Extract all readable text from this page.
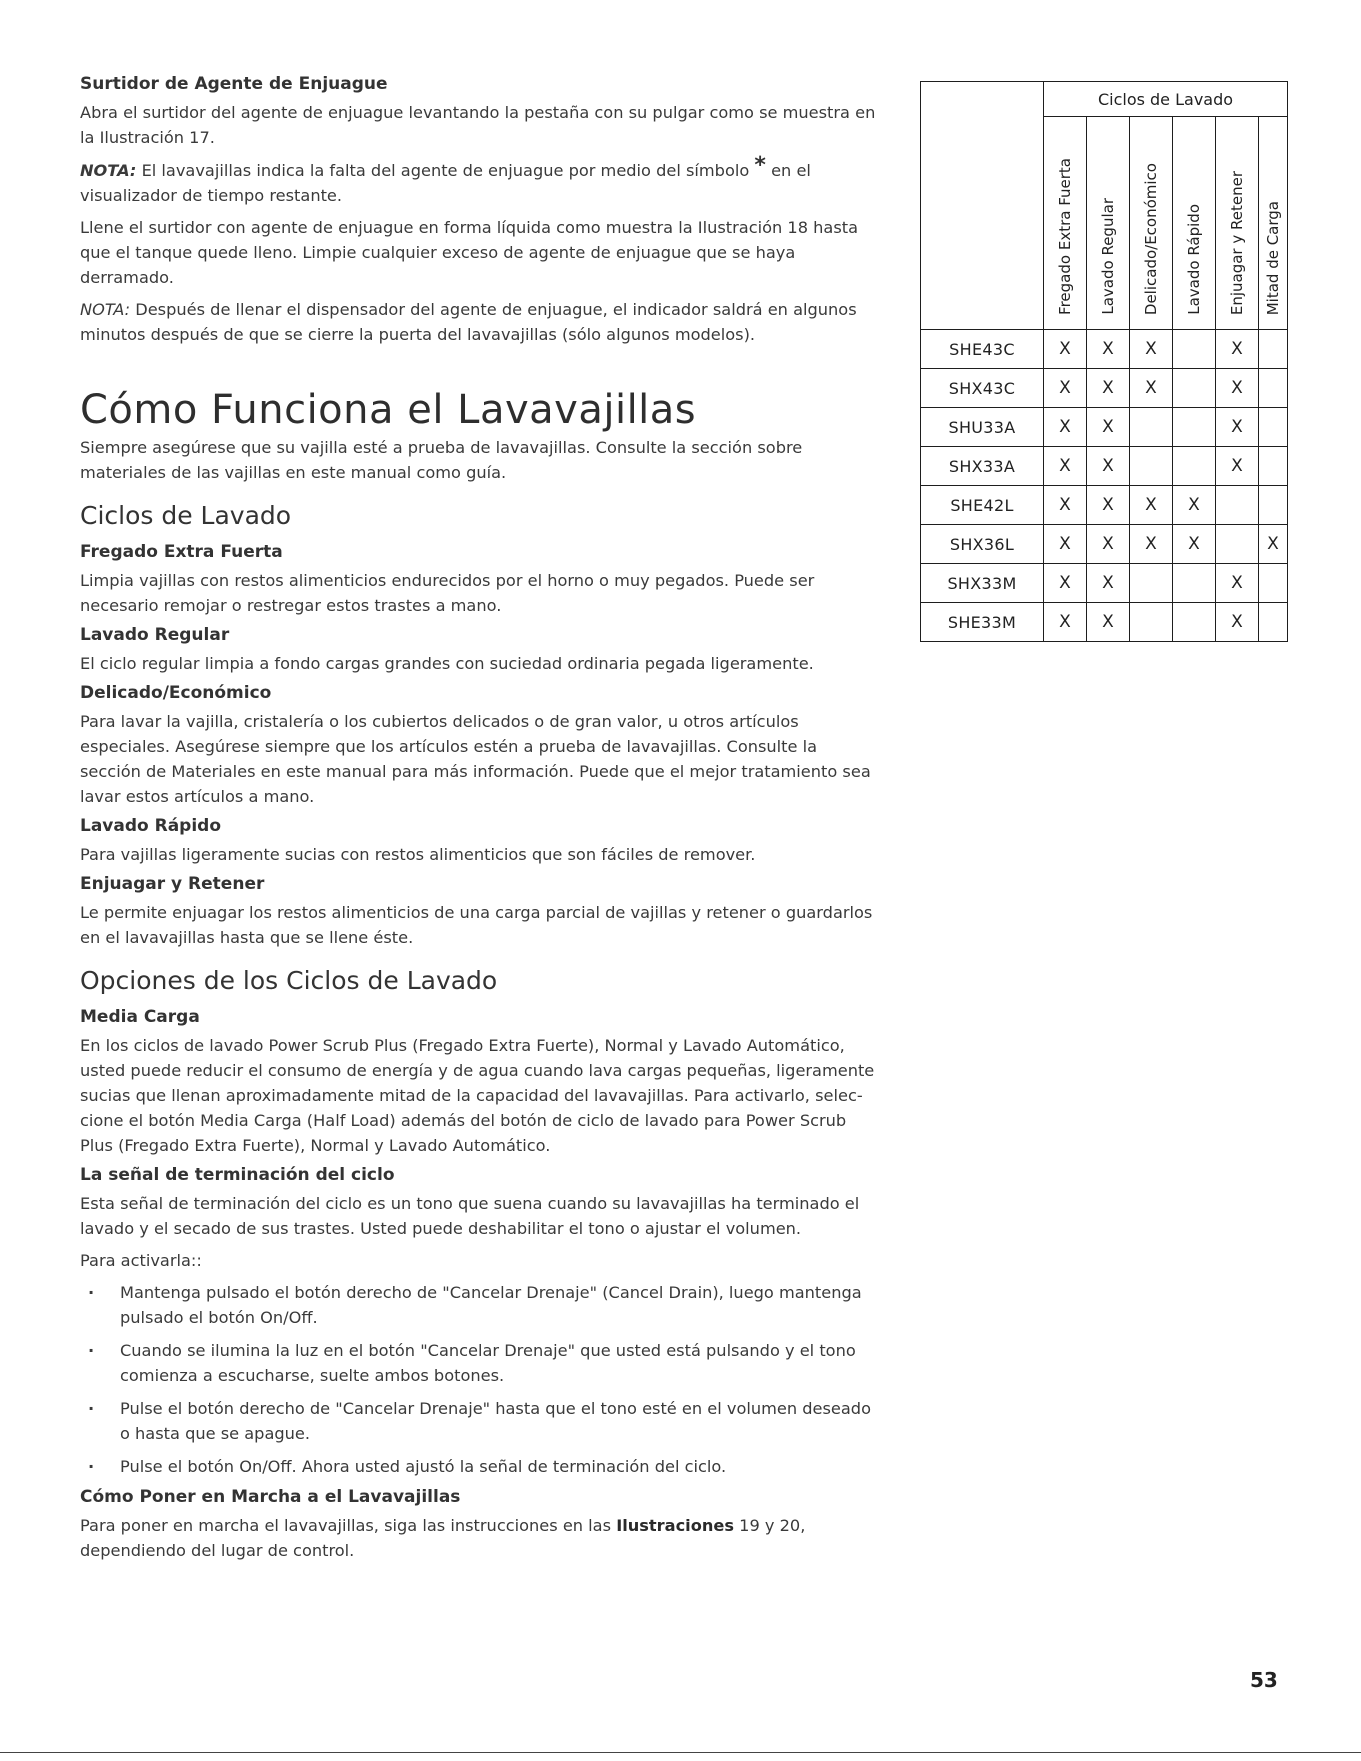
Surtidor de Agente de Enjuague

Abra el surtidor del agente de enjuague levantando la pestaña con su pulgar como se muestra en la Ilustración 17.

NOTA: El lavavajillas indica la falta del agente de enjuague por medio del símbolo * en el visualizador de tiempo restante.

Llene el surtidor con agente de enjuague en forma líquida como muestra la Ilustración 18 hasta que el tanque quede lleno. Limpie cualquier exceso de agente de enjuague que se haya derramado.

NOTA: Después de llenar el dispensador del agente de enjuague, el indicador saldrá en algunos minutos después de que se cierre la puerta del lavavajillas (sólo algunos modelos).

Cómo Funciona el Lavavajillas

Siempre asegúrese que su vajilla esté a prueba de lavavajillas. Consulte la sección sobre materiales de las vajillas en este manual como guía.

Ciclos de Lavado
Fregado Extra Fuerta

Limpia vajillas con restos alimenticios endurecidos por el horno o muy pegados. Puede ser necesario remojar o restregar estos trastes a mano.

Lavado Regular

El ciclo regular limpia a fondo cargas grandes con suciedad ordinaria pegada ligeramente.

Delicado/Económico

Para lavar la vajilla, cristalería o los cubiertos delicados o de gran valor, u otros artículos especiales. Asegúrese siempre que los artículos estén a prueba de lavavajillas. Consulte la sección de Materiales en este manual para más información. Puede que el mejor tratamiento sea lavar estos artículos a mano.

Lavado Rápido

Para vajillas ligeramente sucias con restos alimenticios que son fáciles de remover.

Enjuagar y Retener

Le permite enjuagar los restos alimenticios de una carga parcial de vajillas y retener o guardarlos en el lavavajillas hasta que se llene éste.

Opciones de los Ciclos de Lavado
Media Carga

En los ciclos de lavado Power Scrub Plus (Fregado Extra Fuerte), Normal y Lavado Automático, usted puede reducir el consumo de energía y de agua cuando lava cargas pequeñas, ligeramente sucias que llenan aproximadamente mitad de la capacidad del lavavajillas. Para activarlo, selec-cione el botón Media Carga (Half Load) además del botón de ciclo de lavado para Power Scrub Plus (Fregado Extra Fuerte), Normal y Lavado Automático.

La señal de terminación del ciclo

Esta señal de terminación del ciclo es un tono que suena cuando su lavavajillas ha terminado el lavado y el secado de sus trastes. Usted puede deshabilitar el tono o ajustar el volumen.

Para activarla::

· Mantenga pulsado el botón derecho de "Cancelar Drenaje" (Cancel Drain), luego mantenga pulsado el botón On/Off.
· Cuando se ilumina la luz en el botón "Cancelar Drenaje" que usted está pulsando y el tono comienza a escucharse, suelte ambos botones.
· Pulse el botón derecho de "Cancelar Drenaje" hasta que el tono esté en el volumen deseado o hasta que se apague.
· Pulse el botón On/Off. Ahora usted ajustó la señal de terminación del ciclo.
Cómo Poner en Marcha a el Lavavajillas

Para poner en marcha el lavavajillas, siga las instrucciones en las Ilustraciones 19 y 20, dependiendo del lugar de control.

	Ciclos de Lavado					

	Fregado Extra Fuerta	Lavado Regular	Delicado/Económico	Lavado Rápido	Enjuagar y Retener	Mitad de Carga

SHE43C	X	X	X		X	
SHX43C	X	X	X		X	
SHU33A	X	X			X	
SHX33A	X	X			X	
SHE42L	X	X	X	X		
SHX36L	X	X	X	X		X
SHX33M	X	X			X	
SHE33M	X	X			X	
53
